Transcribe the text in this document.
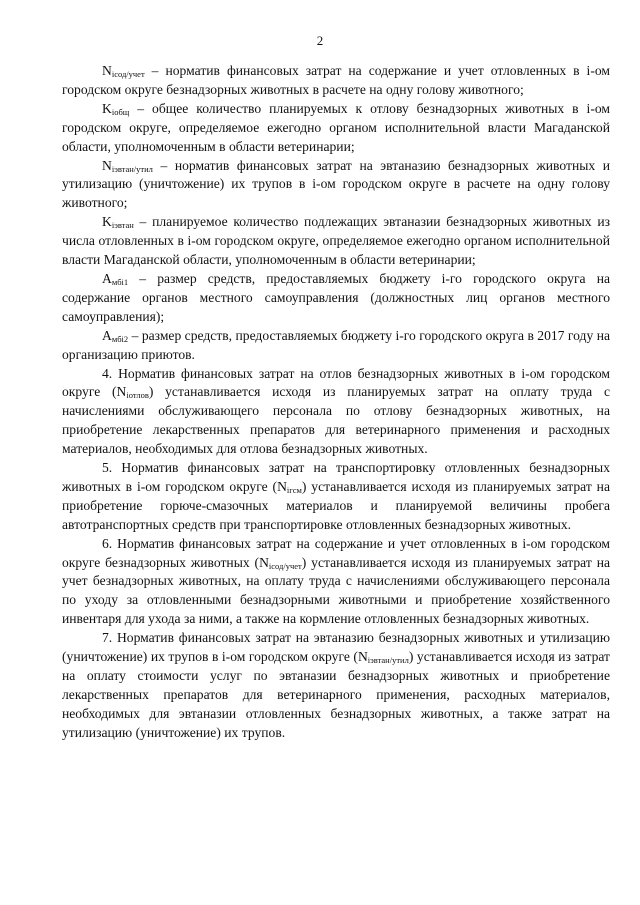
2

$N_{iсод/учет}$ – норматив финансовых затрат на содержание и учет отловленных в i-ом городском округе безнадзорных животных в расчете на одну голову животного;

$K_{iобщ}$ – общее количество планируемых к отлову безнадзорных животных в i-ом городском округе, определяемое ежегодно органом исполнительной власти Магаданской области, уполномоченным в области ветеринарии;

$N_{iэвтан/утил}$ – норматив финансовых затрат на эвтаназию безнадзорных животных и утилизацию (уничтожение) их трупов в i-ом городском округе в расчете на одну голову животного;

$K_{iэвтан}$ – планируемое количество подлежащих эвтаназии безнадзорных животных из числа отловленных в i-ом городском округе, определяемое ежегодно органом исполнительной власти Магаданской области, уполномоченным в области ветеринарии;

$A_{мбi1}$ – размер средств, предоставляемых бюджету i-го городского округа на содержание органов местного самоуправления (должностных лиц органов местного самоуправления);

$A_{мбi2}$ – размер средств, предоставляемых бюджету i-го городского округа в 2017 году на организацию приютов.

4. Норматив финансовых затрат на отлов безнадзорных животных в i-ом городском округе $(N_{iотлов})$ устанавливается исходя из планируемых затрат на оплату труда с начислениями обслуживающего персонала по отлову безнадзорных животных, на приобретение лекарственных препаратов для ветеринарного применения и расходных материалов, необходимых для отлова безнадзорных животных.

5. Норматив финансовых затрат на транспортировку отловленных безнадзорных животных в i-ом городском округе $(N_{iгсм})$ устанавливается исходя из планируемых затрат на приобретение горюче-смазочных материалов и планируемой величины пробега автотранспортных средств при транспортировке отловленных безнадзорных животных.

6. Норматив финансовых затрат на содержание и учет отловленных в i-ом городском округе безнадзорных животных $(N_{iсод/учет})$ устанавливается исходя из планируемых затрат на учет безнадзорных животных, на оплату труда с начислениями обслуживающего персонала по уходу за отловленными безнадзорными животными и приобретение хозяйственного инвентаря для ухода за ними, а также на кормление отловленных безнадзорных животных.

7. Норматив финансовых затрат на эвтаназию безнадзорных животных и утилизацию (уничтожение) их трупов в i-ом городском округе $(N_{iэвтан/утил})$ устанавливается исходя из затрат на оплату стоимости услуг по эвтаназии безнадзорных животных и приобретение лекарственных препаратов для ветеринарного применения, расходных материалов, необходимых для эвтаназии отловленных безнадзорных животных, а также затрат на утилизацию (уничтожение) их трупов.
